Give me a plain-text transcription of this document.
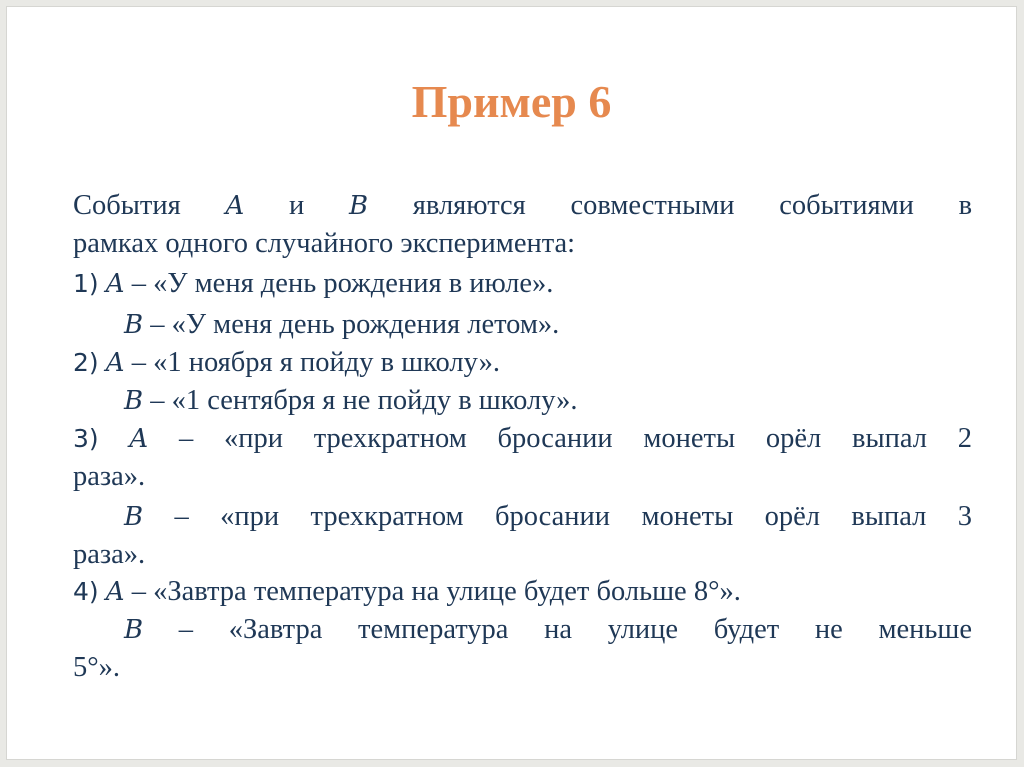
Пример 6
События A и B являются совместными событиями в
рамках одного случайного эксперимента:
1) A – «У меня день рождения в июле».
B – «У меня день рождения летом».
2) A – «1 ноября я пойду в школу».
B – «1 сентября я не пойду в школу».
3) A – «при трехкратном бросании монеты орёл выпал 2
раза».
B – «при трехкратном бросании монеты орёл выпал 3
раза».
4) A – «Завтра температура на улице будет больше 8°».
B – «Завтра температура на улице будет не меньше
5°».
